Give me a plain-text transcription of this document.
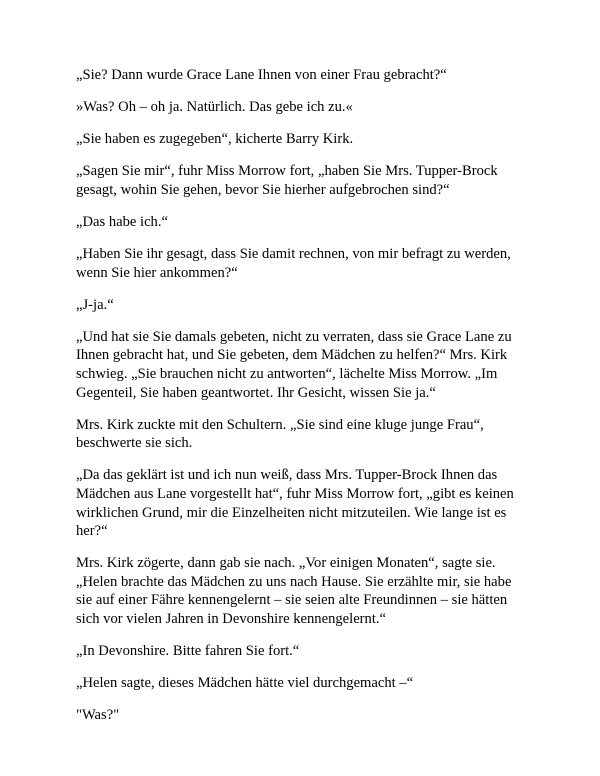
„Sie? Dann wurde Grace Lane Ihnen von einer Frau gebracht?“

»Was? Oh – oh ja. Natürlich. Das gebe ich zu.«

„Sie haben es zugegeben“, kicherte Barry Kirk.

„Sagen Sie mir“, fuhr Miss Morrow fort, „haben Sie Mrs. Tupper-Brock gesagt, wohin Sie gehen, bevor Sie hierher aufgebrochen sind?“

„Das habe ich.“

„Haben Sie ihr gesagt, dass Sie damit rechnen, von mir befragt zu werden, wenn Sie hier ankommen?“

„J-ja.“

„Und hat sie Sie damals gebeten, nicht zu verraten, dass sie Grace Lane zu Ihnen gebracht hat, und Sie gebeten, dem Mädchen zu helfen?“ Mrs. Kirk schwieg. „Sie brauchen nicht zu antworten“, lächelte Miss Morrow. „Im Gegenteil, Sie haben geantwortet. Ihr Gesicht, wissen Sie ja.“

Mrs. Kirk zuckte mit den Schultern. „Sie sind eine kluge junge Frau“, beschwerte sie sich.

„Da das geklärt ist und ich nun weiß, dass Mrs. Tupper-Brock Ihnen das Mädchen aus Lane vorgestellt hat“, fuhr Miss Morrow fort, „gibt es keinen wirklichen Grund, mir die Einzelheiten nicht mitzuteilen. Wie lange ist es her?“

Mrs. Kirk zögerte, dann gab sie nach. „Vor einigen Monaten“, sagte sie. „Helen brachte das Mädchen zu uns nach Hause. Sie erzählte mir, sie habe sie auf einer Fähre kennengelernt – sie seien alte Freundinnen – sie hätten sich vor vielen Jahren in Devonshire kennengelernt.“

„In Devonshire. Bitte fahren Sie fort.“

„Helen sagte, dieses Mädchen hätte viel durchgemacht –“

"Was?"
